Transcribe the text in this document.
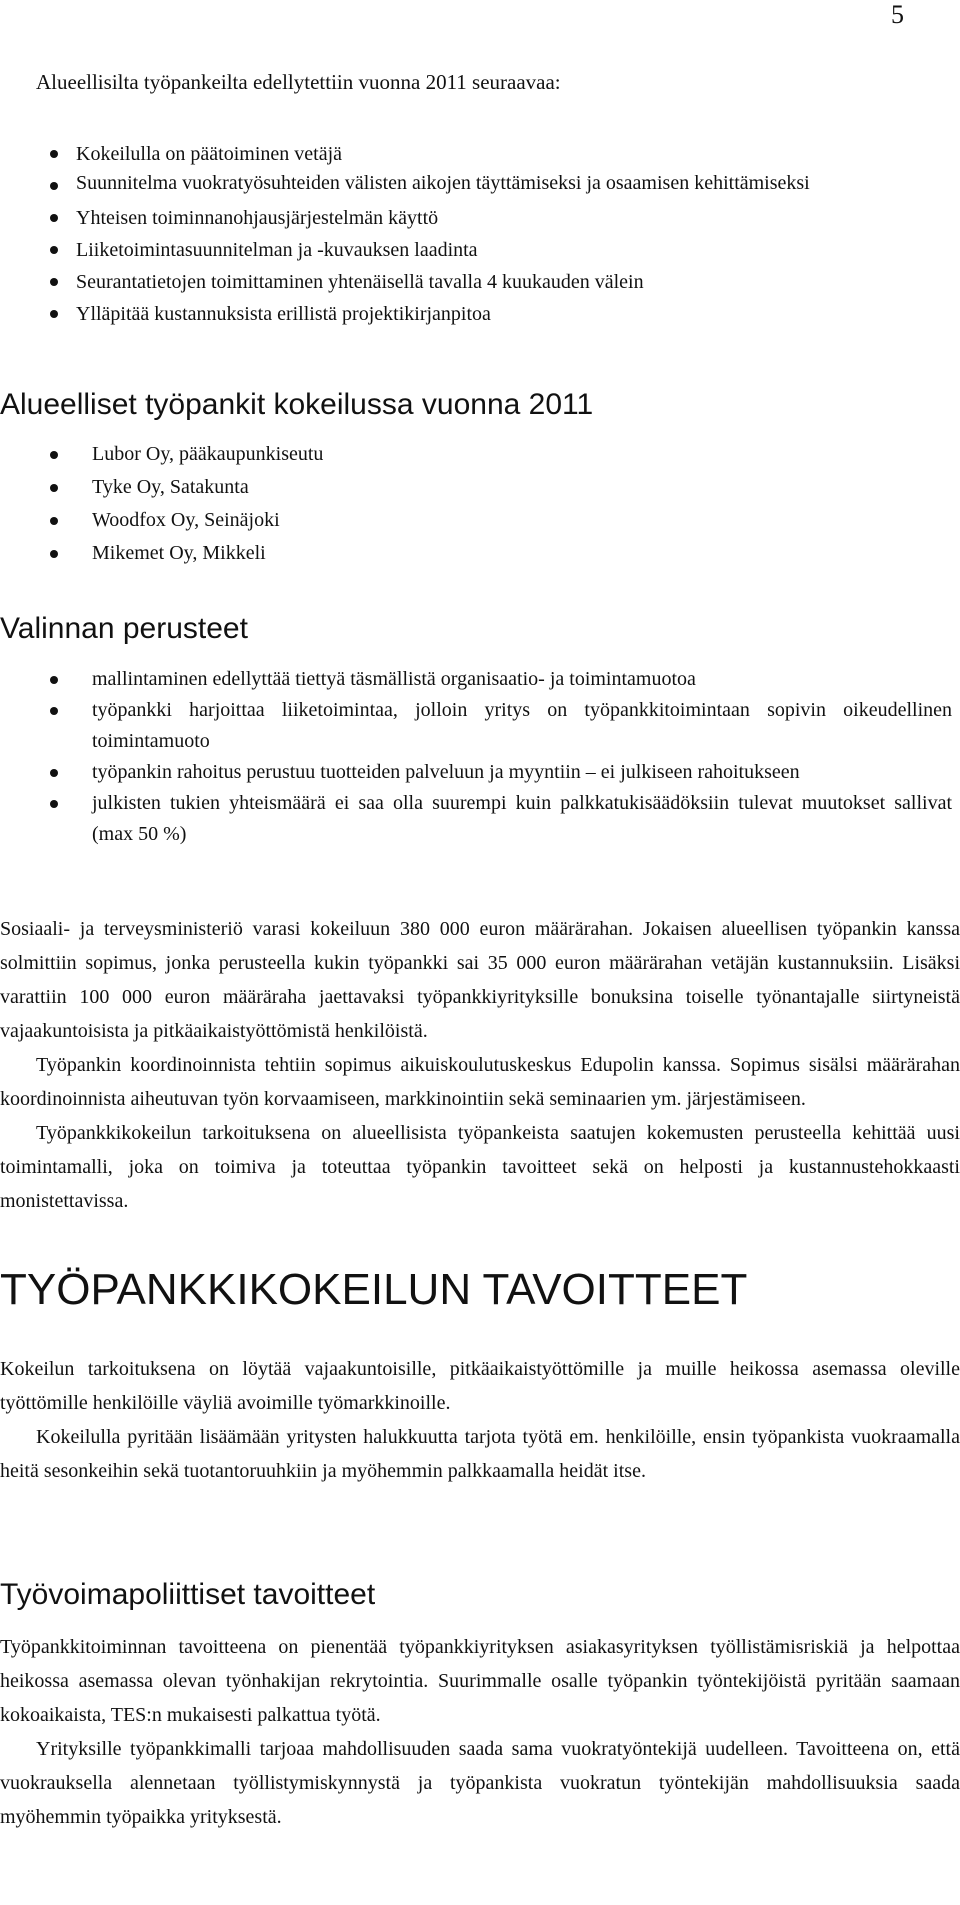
5
Alueellisilta työpankeilta edellytettiin vuonna 2011 seuraavaa:
Kokeilulla on päätoiminen vetäjä
Suunnitelma vuokratyösuhteiden välisten aikojen täyttämiseksi ja osaamisen kehittämiseksi
Yhteisen toiminnanohjausjärjestelmän käyttö
Liiketoimintasuunnitelman ja -kuvauksen laadinta
Seurantatietojen toimittaminen yhtenäisellä tavalla 4 kuukauden välein
Ylläpitää kustannuksista erillistä projektikirjanpitoa
Alueelliset työpankit kokeilussa vuonna 2011
Lubor Oy, pääkaupunkiseutu
Tyke Oy, Satakunta
Woodfox Oy, Seinäjoki
Mikemet Oy, Mikkeli
Valinnan perusteet
mallintaminen edellyttää tiettyä täsmällistä organisaatio- ja toimintamuotoa
työpankki harjoittaa liiketoimintaa, jolloin yritys on työpankkitoimintaan sopivin oikeudellinen toimintamuoto
työpankin rahoitus perustuu tuotteiden palveluun ja myyntiin – ei julkiseen rahoitukseen
julkisten tukien yhteismäärä ei saa olla suurempi kuin palkkatukisäädöksiin tulevat muutokset sallivat (max 50 %)

Sosiaali- ja terveysministeriö varasi kokeiluun 380 000 euron määrärahan. Jokaisen alueellisen työpankin kanssa solmittiin sopimus, jonka perusteella kukin työpankki sai 35 000 euron määrärahan vetäjän kustannuksiin. Lisäksi varattiin 100 000 euron määräraha jaettavaksi työpankkiyrityksille bonuksina toiselle työnantajalle siirtyneistä vajaakuntoisista ja pitkäaikaistyöttömistä henkilöistä.

Työpankin koordinoinnista tehtiin sopimus aikuiskoulutuskeskus Edupolin kanssa. Sopimus sisälsi määrärahan koordinoinnista aiheutuvan työn korvaamiseen, markkinointiin sekä seminaarien ym. järjestämiseen.

Työpankkikokeilun tarkoituksena on alueellisista työpankeista saatujen kokemusten perusteella kehittää uusi toimintamalli, joka on toimiva ja toteuttaa työpankin tavoitteet sekä on helposti ja kustannustehokkaasti monistettavissa.

TYÖPANKKIKOKEILUN TAVOITTEET

Kokeilun tarkoituksena on löytää vajaakuntoisille, pitkäaikaistyöttömille ja muille heikossa asemassa oleville työttömille henkilöille väyliä avoimille työmarkkinoille.

Kokeilulla pyritään lisäämään yritysten halukkuutta tarjota työtä em. henkilöille, ensin työpankista vuokraamalla heitä sesonkeihin sekä tuotantoruuhkiin ja myöhemmin palkkaamalla heidät itse.

Työvoimapoliittiset tavoitteet

Työpankkitoiminnan tavoitteena on pienentää työpankkiyrityksen asiakasyrityksen työllistämisriskiä ja helpottaa heikossa asemassa olevan työnhakijan rekrytointia. Suurimmalle osalle työpankin työntekijöistä pyritään saamaan kokoaikaista, TES:n mukaisesti palkattua työtä.

Yrityksille työpankkimalli tarjoaa mahdollisuuden saada sama vuokratyöntekijä uudelleen. Tavoitteena on, että vuokrauksella alennetaan työllistymiskynnystä ja työpankista vuokratun työntekijän mahdollisuuksia saada myöhemmin työpaikka yrityksestä.
